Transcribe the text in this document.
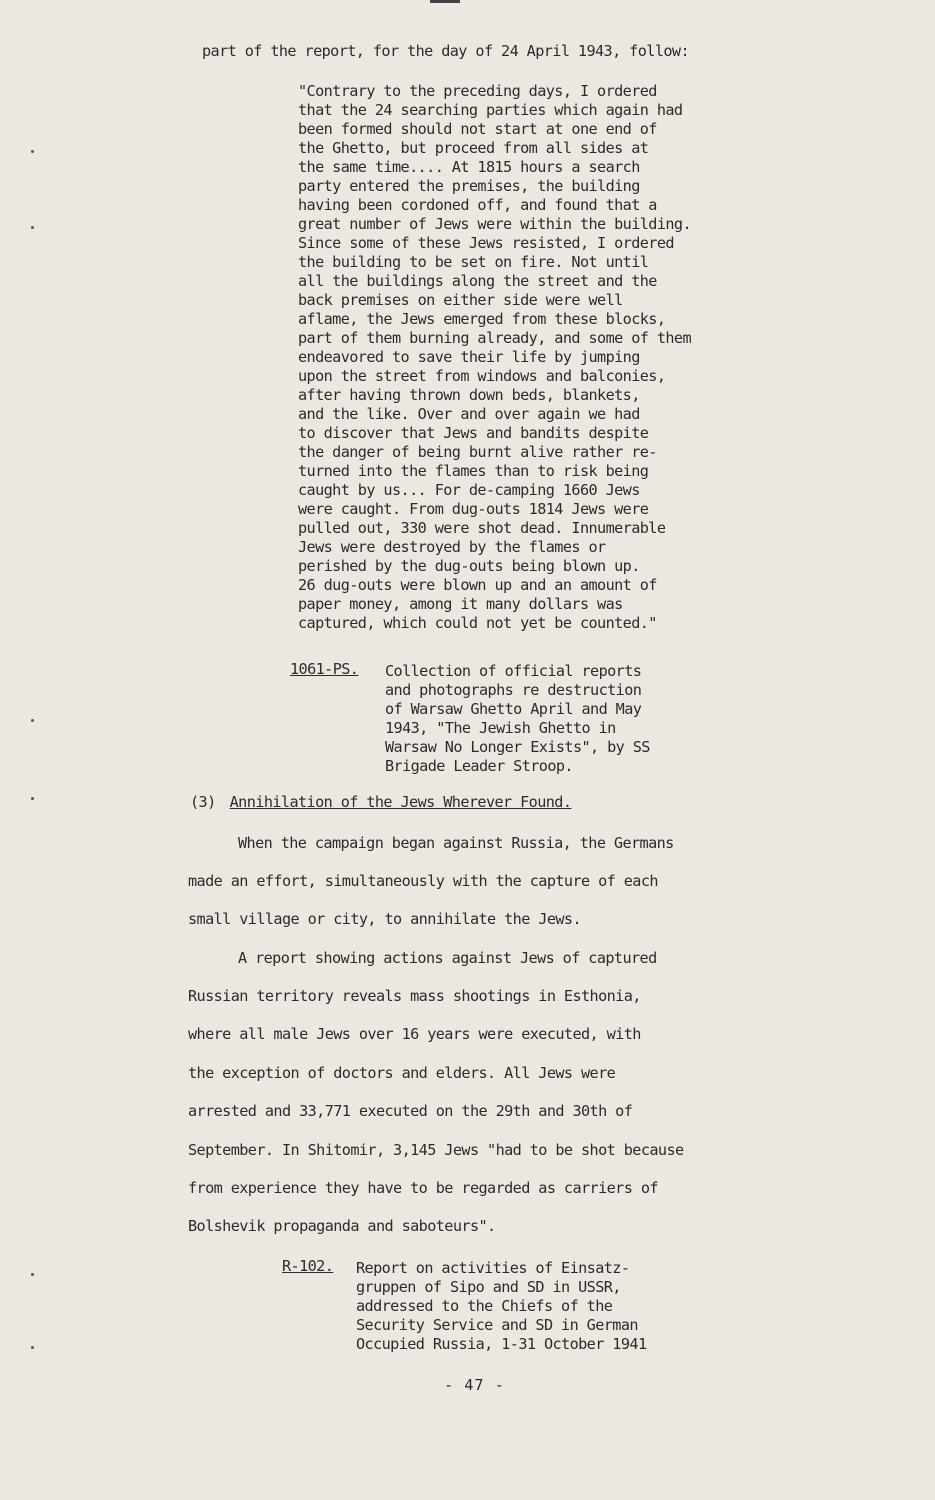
part of the report, for the day of 24 April 1943, follow:
"Contrary to the preceding days, I ordered
that the 24 searching parties which again had
been formed should not start at one end of
the Ghetto, but proceed from all sides at
the same time.... At 1815 hours a search
party entered the premises, the building
having been cordoned off, and found that a
great number of Jews were within the building.
Since some of these Jews resisted, I ordered
the building to be set on fire. Not until
all the buildings along the street and the
back premises on either side were well
aflame, the Jews emerged from these blocks,
part of them burning already, and some of them
endeavored to save their life by jumping
upon the street from windows and balconies,
after having thrown down beds, blankets,
and the like. Over and over again we had
to discover that Jews and bandits despite
the danger of being burnt alive rather re-
turned into the flames than to risk being
caught by us... For de-camping 1660 Jews
were caught. From dug-outs 1814 Jews were
pulled out, 330 were shot dead. Innumerable
Jews were destroyed by the flames or
perished by the dug-outs being blown up.
26 dug-outs were blown up and an amount of
paper money, among it many dollars was
captured, which could not yet be counted."
1061-PS. Collection of official reports
and photographs re destruction
of Warsaw Ghetto April and May
1943, "The Jewish Ghetto in
Warsaw No Longer Exists", by SS
Brigade Leader Stroop.
(3) Annihilation of the Jews Wherever Found.
When the campaign began against Russia, the Germans
made an effort, simultaneously with the capture of each
small village or city, to annihilate the Jews.
A report showing actions against Jews of captured
Russian territory reveals mass shootings in Esthonia,
where all male Jews over 16 years were executed, with
the exception of doctors and elders. All Jews were
arrested and 33,771 executed on the 29th and 30th of
September. In Shitomir, 3,145 Jews "had to be shot because
from experience they have to be regarded as carriers of
Bolshevik propaganda and saboteurs".
R-102. Report on activities of Einsatz-
gruppen of Sipo and SD in USSR,
addressed to the Chiefs of the
Security Service and SD in German
Occupied Russia, 1-31 October 1941
- 47 -
